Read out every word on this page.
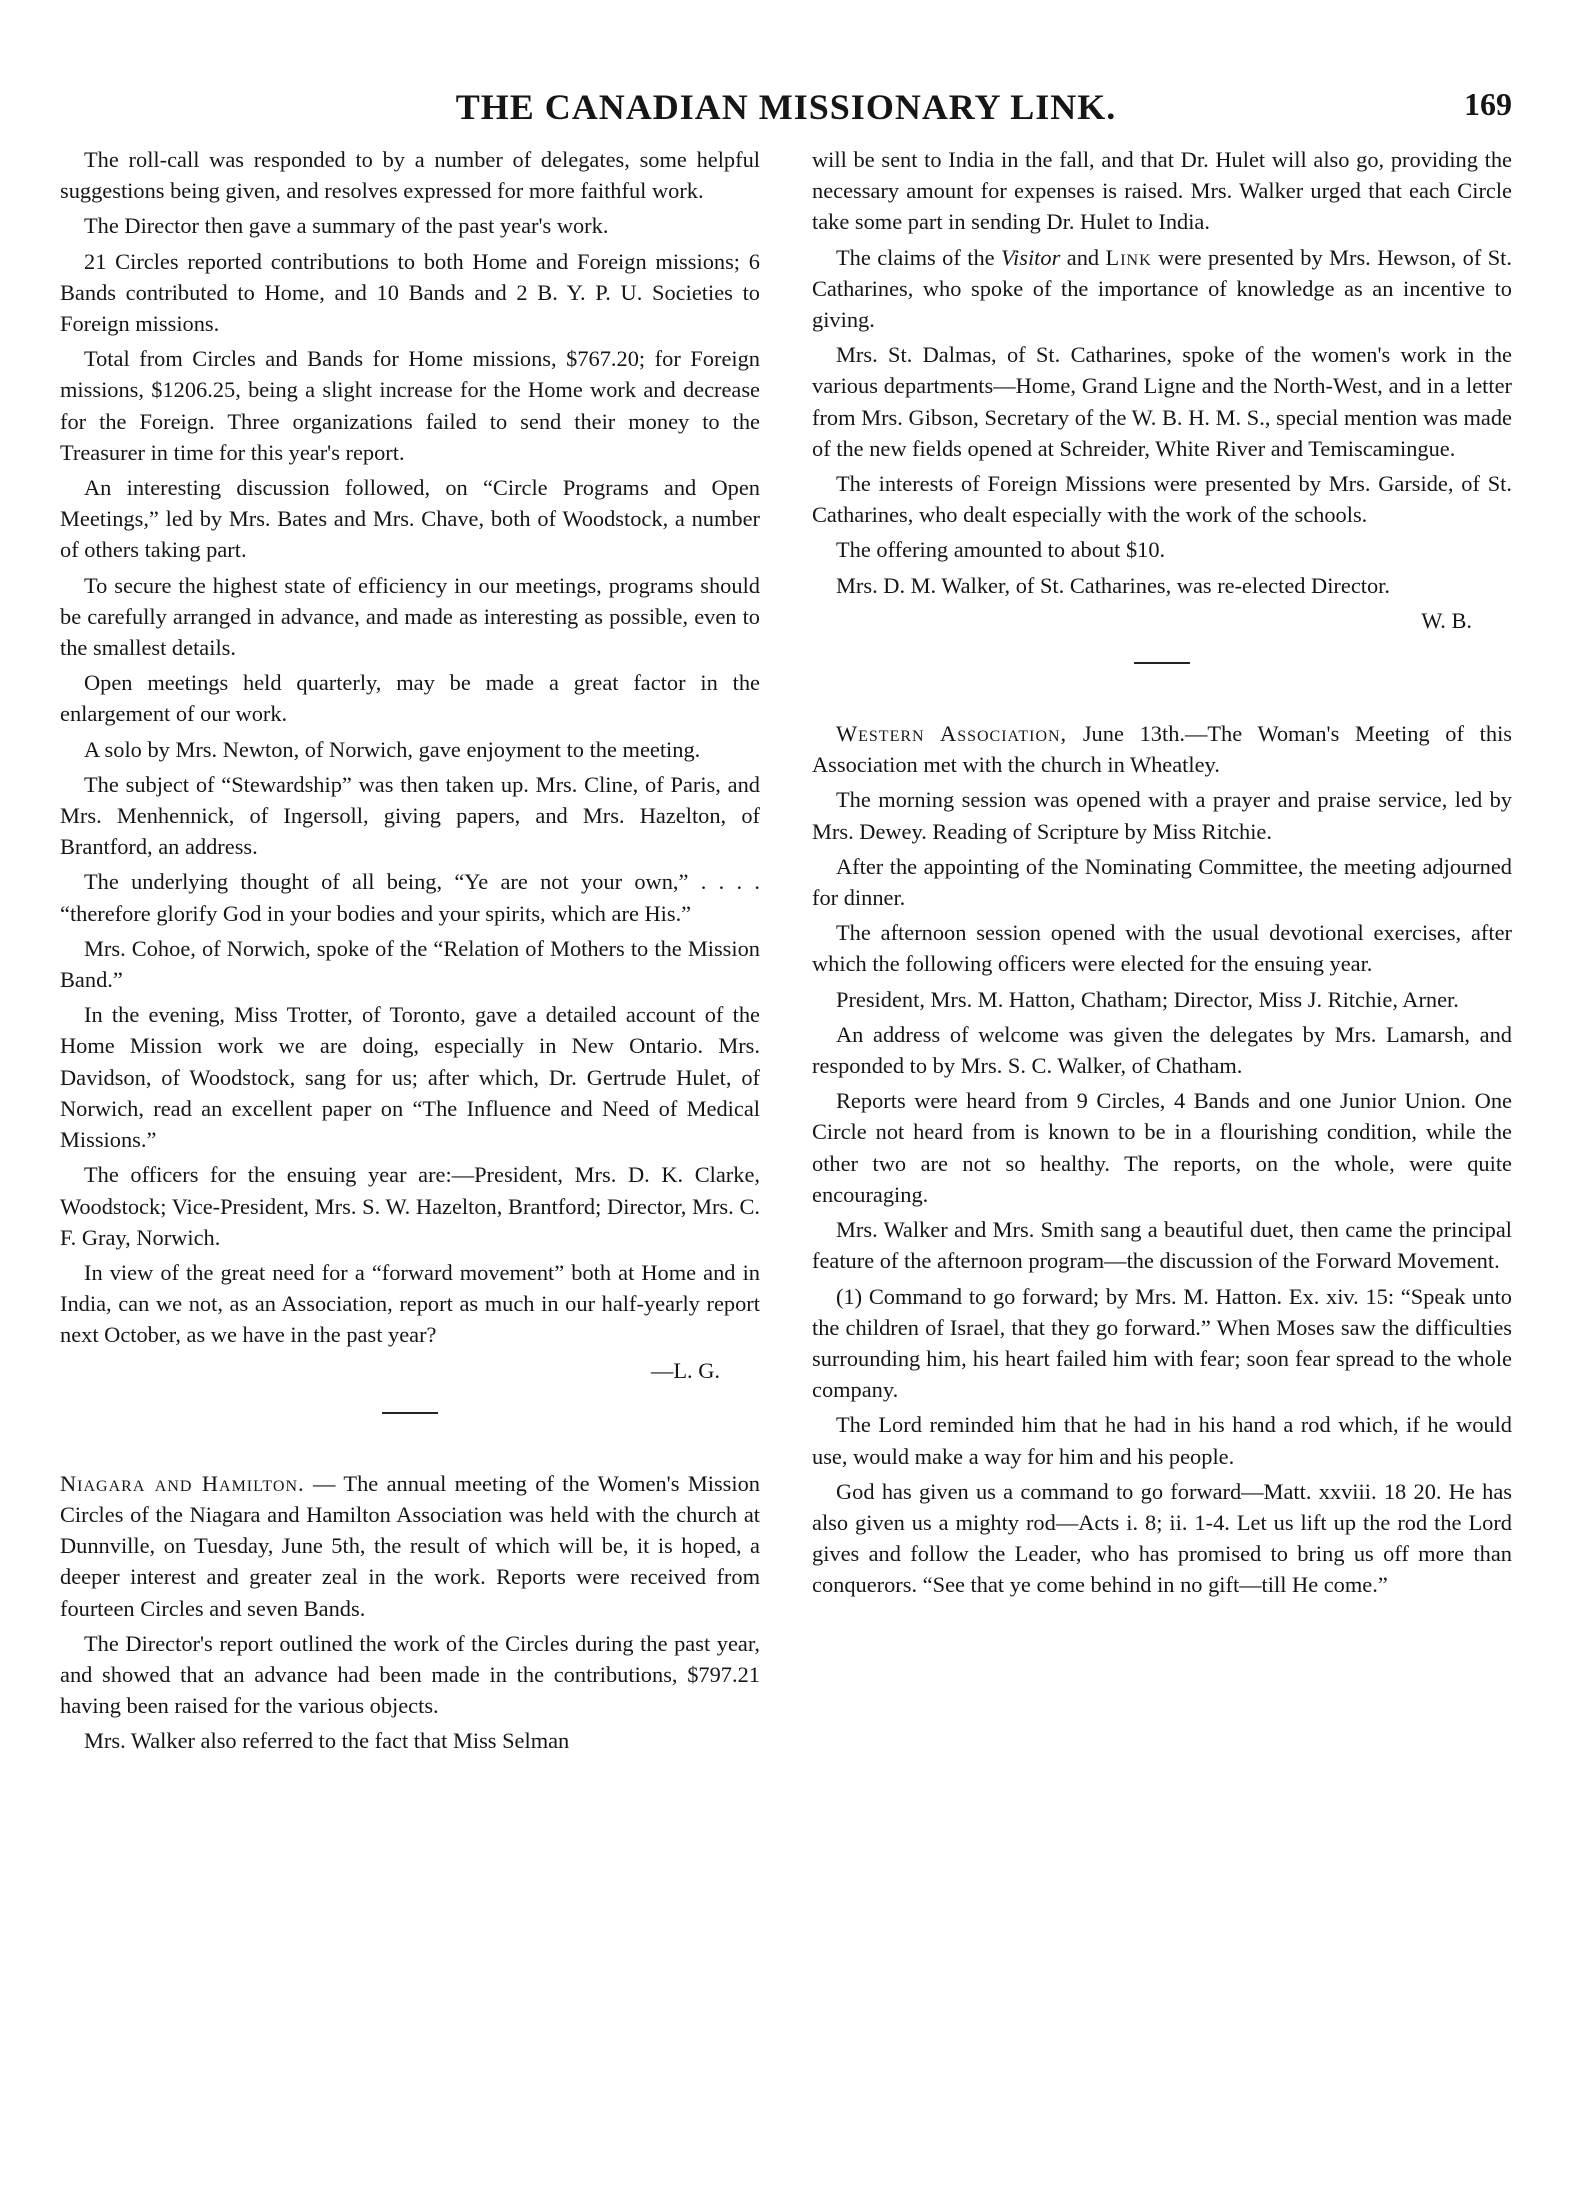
THE CANADIAN MISSIONARY LINK.	169

The roll-call was responded to by a number of delegates, some helpful suggestions being given, and resolves expressed for more faithful work.

The Director then gave a summary of the past year's work.

21 Circles reported contributions to both Home and Foreign missions; 6 Bands contributed to Home, and 10 Bands and 2 B. Y. P. U. Societies to Foreign missions.

Total from Circles and Bands for Home missions, $767.20; for Foreign missions, $1206.25, being a slight increase for the Home work and decrease for the Foreign. Three organizations failed to send their money to the Treasurer in time for this year's report.

An interesting discussion followed, on “Circle Programs and Open Meetings,” led by Mrs. Bates and Mrs. Chave, both of Woodstock, a number of others taking part.

To secure the highest state of efficiency in our meetings, programs should be carefully arranged in advance, and made as interesting as possible, even to the smallest details.

Open meetings held quarterly, may be made a great factor in the enlargement of our work.

A solo by Mrs. Newton, of Norwich, gave enjoyment to the meeting.

The subject of “Stewardship” was then taken up. Mrs. Cline, of Paris, and Mrs. Menhennick, of Ingersoll, giving papers, and Mrs. Hazelton, of Brantford, an address.

The underlying thought of all being, “Ye are not your own,” . . . . “therefore glorify God in your bodies and your spirits, which are His.”

Mrs. Cohoe, of Norwich, spoke of the “Relation of Mothers to the Mission Band.”

In the evening, Miss Trotter, of Toronto, gave a detailed account of the Home Mission work we are doing, especially in New Ontario. Mrs. Davidson, of Woodstock, sang for us; after which, Dr. Gertrude Hulet, of Norwich, read an excellent paper on “The Influence and Need of Medical Missions.”

The officers for the ensuing year are:—President, Mrs. D. K. Clarke, Woodstock; Vice-President, Mrs. S. W. Hazelton, Brantford; Director, Mrs. C. F. Gray, Norwich.

In view of the great need for a “forward movement” both at Home and in India, can we not, as an Association, report as much in our half-yearly report next October, as we have in the past year?

—L. G.

Niagara and Hamilton. — The annual meeting of the Women's Mission Circles of the Niagara and Hamilton Association was held with the church at Dunnville, on Tuesday, June 5th, the result of which will be, it is hoped, a deeper interest and greater zeal in the work. Reports were received from fourteen Circles and seven Bands.

The Director's report outlined the work of the Circles during the past year, and showed that an advance had been made in the contributions, $797.21 having been raised for the various objects.

Mrs. Walker also referred to the fact that Miss Selman

will be sent to India in the fall, and that Dr. Hulet will also go, providing the necessary amount for expenses is raised. Mrs. Walker urged that each Circle take some part in sending Dr. Hulet to India.

The claims of the Visitor and Link were presented by Mrs. Hewson, of St. Catharines, who spoke of the importance of knowledge as an incentive to giving.

Mrs. St. Dalmas, of St. Catharines, spoke of the women's work in the various departments—Home, Grand Ligne and the North-West, and in a letter from Mrs. Gibson, Secretary of the W. B. H. M. S., special mention was made of the new fields opened at Schreider, White River and Temiscamingue.

The interests of Foreign Missions were presented by Mrs. Garside, of St. Catharines, who dealt especially with the work of the schools.

The offering amounted to about $10.

Mrs. D. M. Walker, of St. Catharines, was re-elected Director.

W. B.

Western Association, June 13th.—The Woman's Meeting of this Association met with the church in Wheatley.

The morning session was opened with a prayer and praise service, led by Mrs. Dewey. Reading of Scripture by Miss Ritchie.

After the appointing of the Nominating Committee, the meeting adjourned for dinner.

The afternoon session opened with the usual devotional exercises, after which the following officers were elected for the ensuing year.

President, Mrs. M. Hatton, Chatham; Director, Miss J. Ritchie, Arner.

An address of welcome was given the delegates by Mrs. Lamarsh, and responded to by Mrs. S. C. Walker, of Chatham.

Reports were heard from 9 Circles, 4 Bands and one Junior Union. One Circle not heard from is known to be in a flourishing condition, while the other two are not so healthy. The reports, on the whole, were quite encouraging.

Mrs. Walker and Mrs. Smith sang a beautiful duet, then came the principal feature of the afternoon program—the discussion of the Forward Movement.

(1) Command to go forward; by Mrs. M. Hatton. Ex. xiv. 15: “Speak unto the children of Israel, that they go forward.” When Moses saw the difficulties surrounding him, his heart failed him with fear; soon fear spread to the whole company.

The Lord reminded him that he had in his hand a rod which, if he would use, would make a way for him and his people.

God has given us a command to go forward—Matt. xxviii. 18 20. He has also given us a mighty rod—Acts i. 8; ii. 1-4. Let us lift up the rod the Lord gives and follow the Leader, who has promised to bring us off more than conquerors. “See that ye come behind in no gift—till He come.”
